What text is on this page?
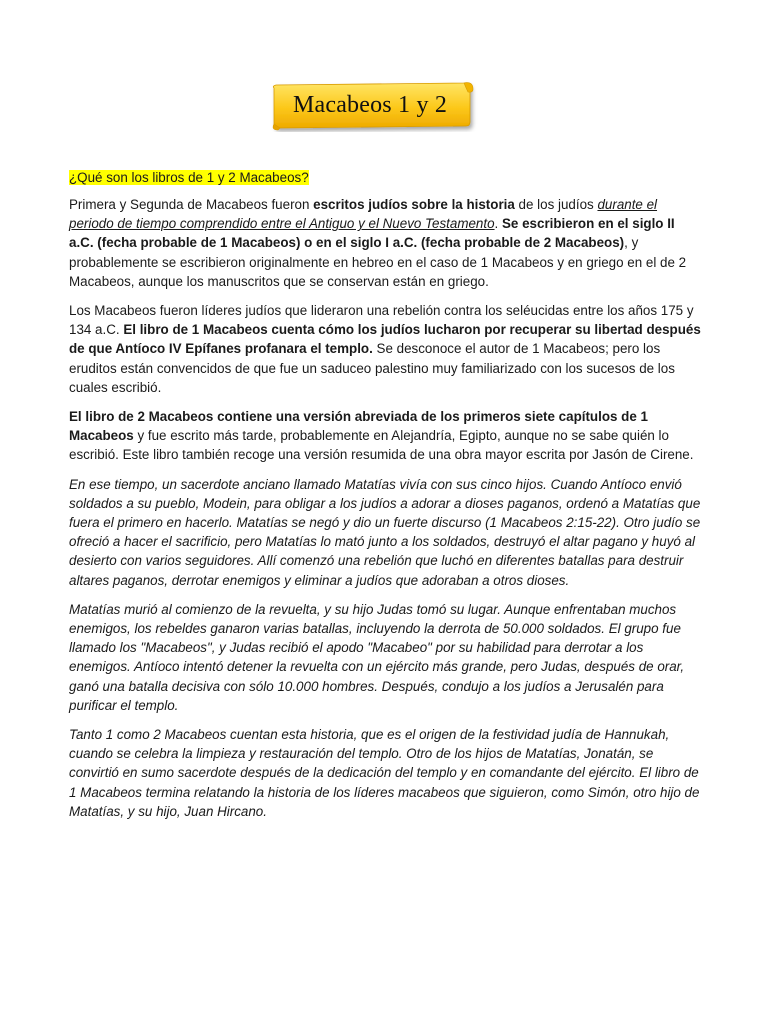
Macabeos 1 y 2
¿Qué son los libros de 1 y 2 Macabeos?

Primera y Segunda de Macabeos fueron escritos judíos sobre la historia de los judíos durante el periodo de tiempo comprendido entre el Antiguo y el Nuevo Testamento. Se escribieron en el siglo II a.C. (fecha probable de 1 Macabeos) o en el siglo I a.C. (fecha probable de 2 Macabeos), y probablemente se escribieron originalmente en hebreo en el caso de 1 Macabeos y en griego en el de 2 Macabeos, aunque los manuscritos que se conservan están en griego.

Los Macabeos fueron líderes judíos que lideraron una rebelión contra los seléucidas entre los años 175 y 134 a.C. El libro de 1 Macabeos cuenta cómo los judíos lucharon por recuperar su libertad después de que Antíoco IV Epífanes profanara el templo. Se desconoce el autor de 1 Macabeos; pero los eruditos están convencidos de que fue un saduceo palestino muy familiarizado con los sucesos de los cuales escribió.

El libro de 2 Macabeos contiene una versión abreviada de los primeros siete capítulos de 1 Macabeos y fue escrito más tarde, probablemente en Alejandría, Egipto, aunque no se sabe quién lo escribió. Este libro también recoge una versión resumida de una obra mayor escrita por Jasón de Cirene.

En ese tiempo, un sacerdote anciano llamado Matatías vivía con sus cinco hijos. Cuando Antíoco envió soldados a su pueblo, Modein, para obligar a los judíos a adorar a dioses paganos, ordenó a Matatías que fuera el primero en hacerlo. Matatías se negó y dio un fuerte discurso (1 Macabeos 2:15-22). Otro judío se ofreció a hacer el sacrificio, pero Matatías lo mató junto a los soldados, destruyó el altar pagano y huyó al desierto con varios seguidores. Allí comenzó una rebelión que luchó en diferentes batallas para destruir altares paganos, derrotar enemigos y eliminar a judíos que adoraban a otros dioses.

Matatías murió al comienzo de la revuelta, y su hijo Judas tomó su lugar. Aunque enfrentaban muchos enemigos, los rebeldes ganaron varias batallas, incluyendo la derrota de 50.000 soldados. El grupo fue llamado los "Macabeos", y Judas recibió el apodo "Macabeo" por su habilidad para derrotar a los enemigos. Antíoco intentó detener la revuelta con un ejército más grande, pero Judas, después de orar, ganó una batalla decisiva con sólo 10.000 hombres. Después, condujo a los judíos a Jerusalén para purificar el templo.

Tanto 1 como 2 Macabeos cuentan esta historia, que es el origen de la festividad judía de Hannukah, cuando se celebra la limpieza y restauración del templo. Otro de los hijos de Matatías, Jonatán, se convirtió en sumo sacerdote después de la dedicación del templo y en comandante del ejército. El libro de 1 Macabeos termina relatando la historia de los líderes macabeos que siguieron, como Simón, otro hijo de Matatías, y su hijo, Juan Hircano.
